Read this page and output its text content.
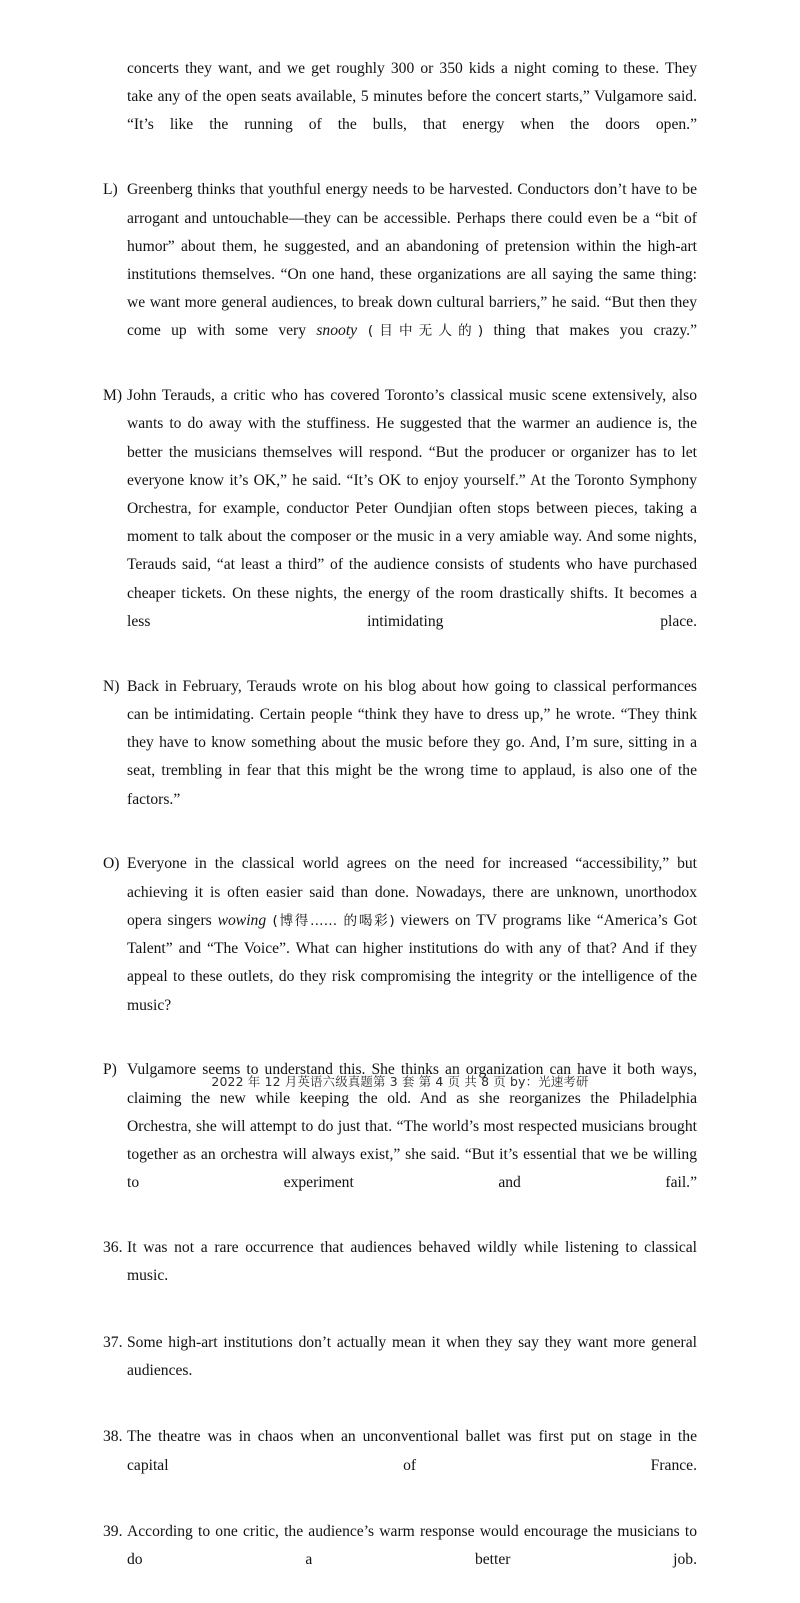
concerts they want, and we get roughly 300 or 350 kids a night coming to these. They take any of the open seats available, 5 minutes before the concert starts,” Vulgamore said. “It’s like the running of the bulls, that energy when the doors open.”
L) Greenberg thinks that youthful energy needs to be harvested. Conductors don’t have to be arrogant and untouchable—they can be accessible. Perhaps there could even be a “bit of humor” about them, he suggested, and an abandoning of pretension within the high-art institutions themselves. “On one hand, these organizations are all saying the same thing: we want more general audiences, to break down cultural barriers,” he said. “But then they come up with some very snooty (目中无人的) thing that makes you crazy.”
M) John Terauds, a critic who has covered Toronto’s classical music scene extensively, also wants to do away with the stuffiness. He suggested that the warmer an audience is, the better the musicians themselves will respond. “But the producer or organizer has to let everyone know it’s OK,” he said. “It’s OK to enjoy yourself.” At the Toronto Symphony Orchestra, for example, conductor Peter Oundjian often stops between pieces, taking a moment to talk about the composer or the music in a very amiable way. And some nights, Terauds said, “at least a third” of the audience consists of students who have purchased cheaper tickets. On these nights, the energy of the room drastically shifts. It becomes a less intimidating place.
N) Back in February, Terauds wrote on his blog about how going to classical performances can be intimidating. Certain people “think they have to dress up,” he wrote. “They think they have to know something about the music before they go. And, I’m sure, sitting in a seat, trembling in fear that this might be the wrong time to applaud, is also one of the factors.”
O) Everyone in the classical world agrees on the need for increased “accessibility,” but achieving it is often easier said than done. Nowadays, there are unknown, unorthodox opera singers wowing (博得…… 的喝彩) viewers on TV programs like “America’s Got Talent” and “The Voice”. What can higher institutions do with any of that? And if they appeal to these outlets, do they risk compromising the integrity or the intelligence of the music?
P) Vulgamore seems to understand this. She thinks an organization can have it both ways, claiming the new while keeping the old. And as she reorganizes the Philadelphia Orchestra, she will attempt to do just that. “The world’s most respected musicians brought together as an orchestra will always exist,” she said. “But it’s essential that we be willing to experiment and fail.”
36. It was not a rare occurrence that audiences behaved wildly while listening to classical music.
37. Some high-art institutions don’t actually mean it when they say they want more general audiences.
38. The theatre was in chaos when an unconventional ballet was first put on stage in the capital of France.
39. According to one critic, the audience’s warm response would encourage the musicians to do a better job.
2022 年 12 月英语六级真题第 3 套 第 4 页 共 8 页 by：光速考研
